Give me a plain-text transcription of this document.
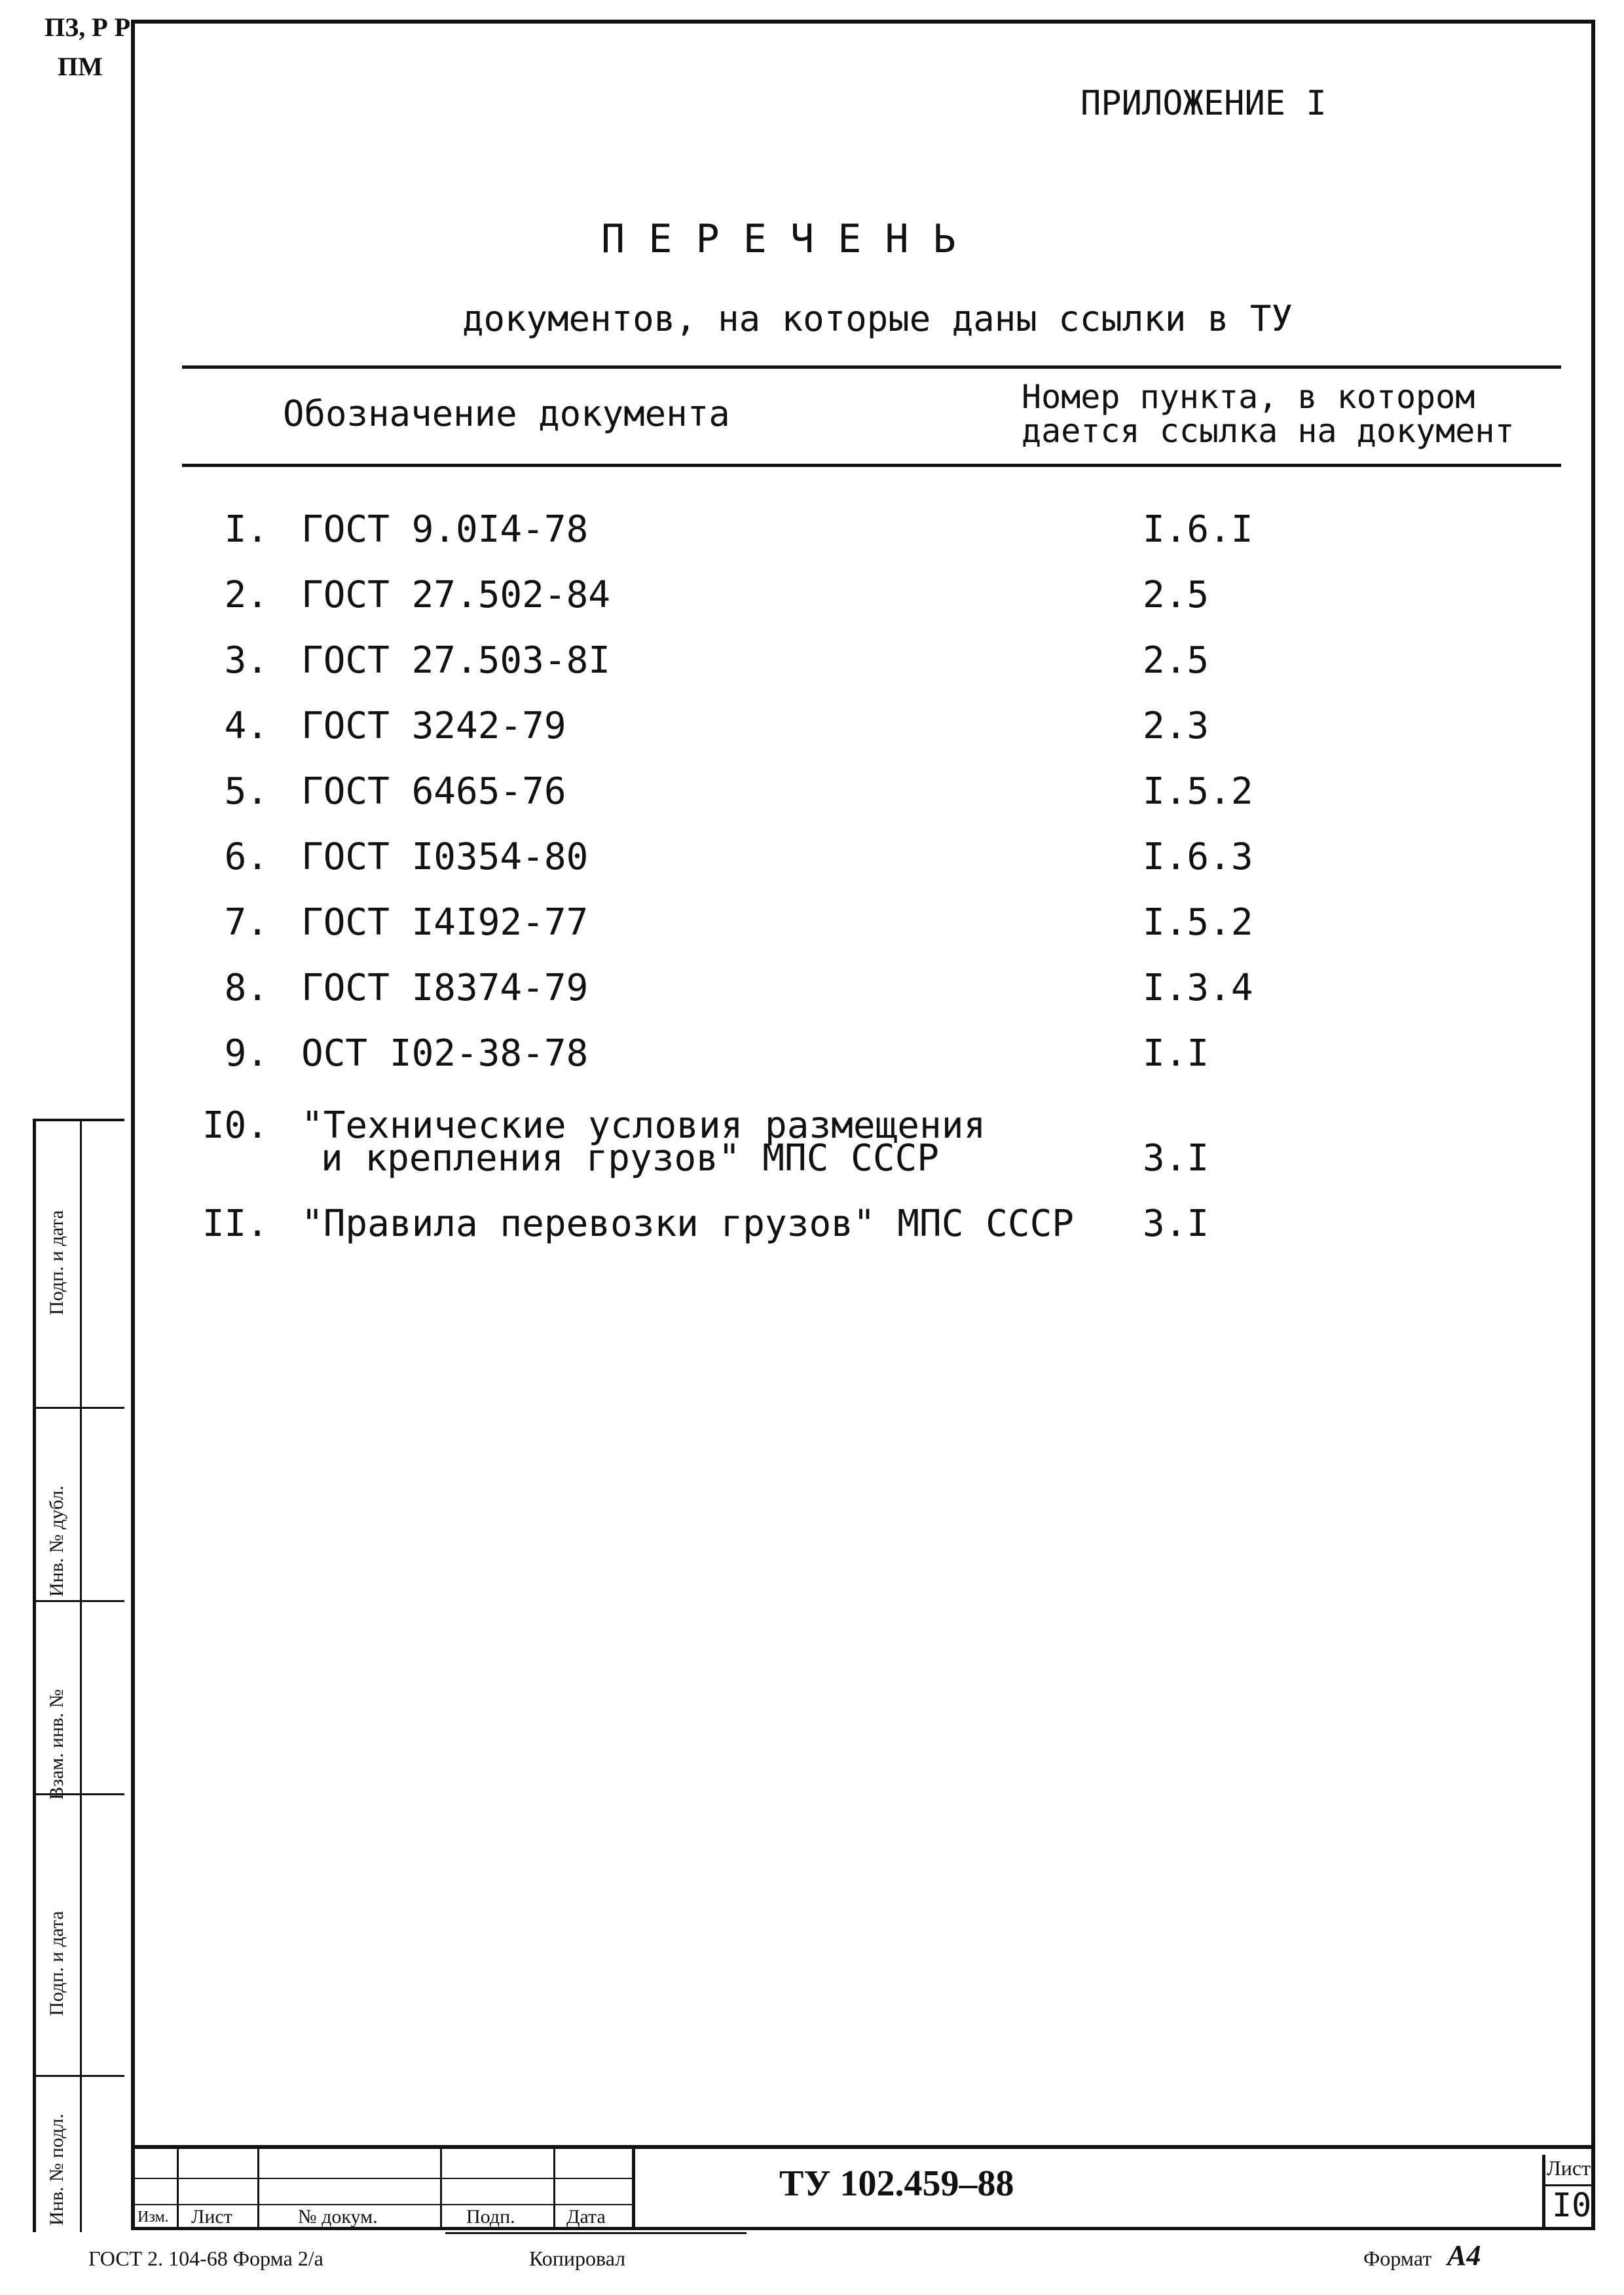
ПЗ, Р Р
ПМ
ПРИЛОЖЕНИЕ I
П Е Р Е Ч Е Н Ь
документов, на которые даны ссылки в ТУ
Обозначение документа	Номер пункта, в котором
дается ссылка на документ
I. ГОСТ 9.0I4-78	I.6.I
2. ГОСТ 27.502-84	2.5
3. ГОСТ 27.503-8I	2.5
4. ГОСТ 3242-79	2.3
5. ГОСТ 6465-76	I.5.2
6. ГОСТ I0354-80	I.6.3
7. ГОСТ I4I92-77	I.5.2
8. ГОСТ I8374-79	I.3.4
9. ОСТ I02-38-78	I.I
I0. "Технические условия размещения
и крепления грузов" МПС СССР	3.I
II. "Правила перевозки грузов" МПС СССР 3.I
Подп. и дата
Инв. № дубл.
Взам. инв. №
Подп. и дата
Инв. № подл.	Изм. Лист	№ докум.	Подп.	Дата
ТУ 102.459–88	Лист
I0
ГОСТ 2. 104-68 Форма 2/а	Копировал	Формат А4
